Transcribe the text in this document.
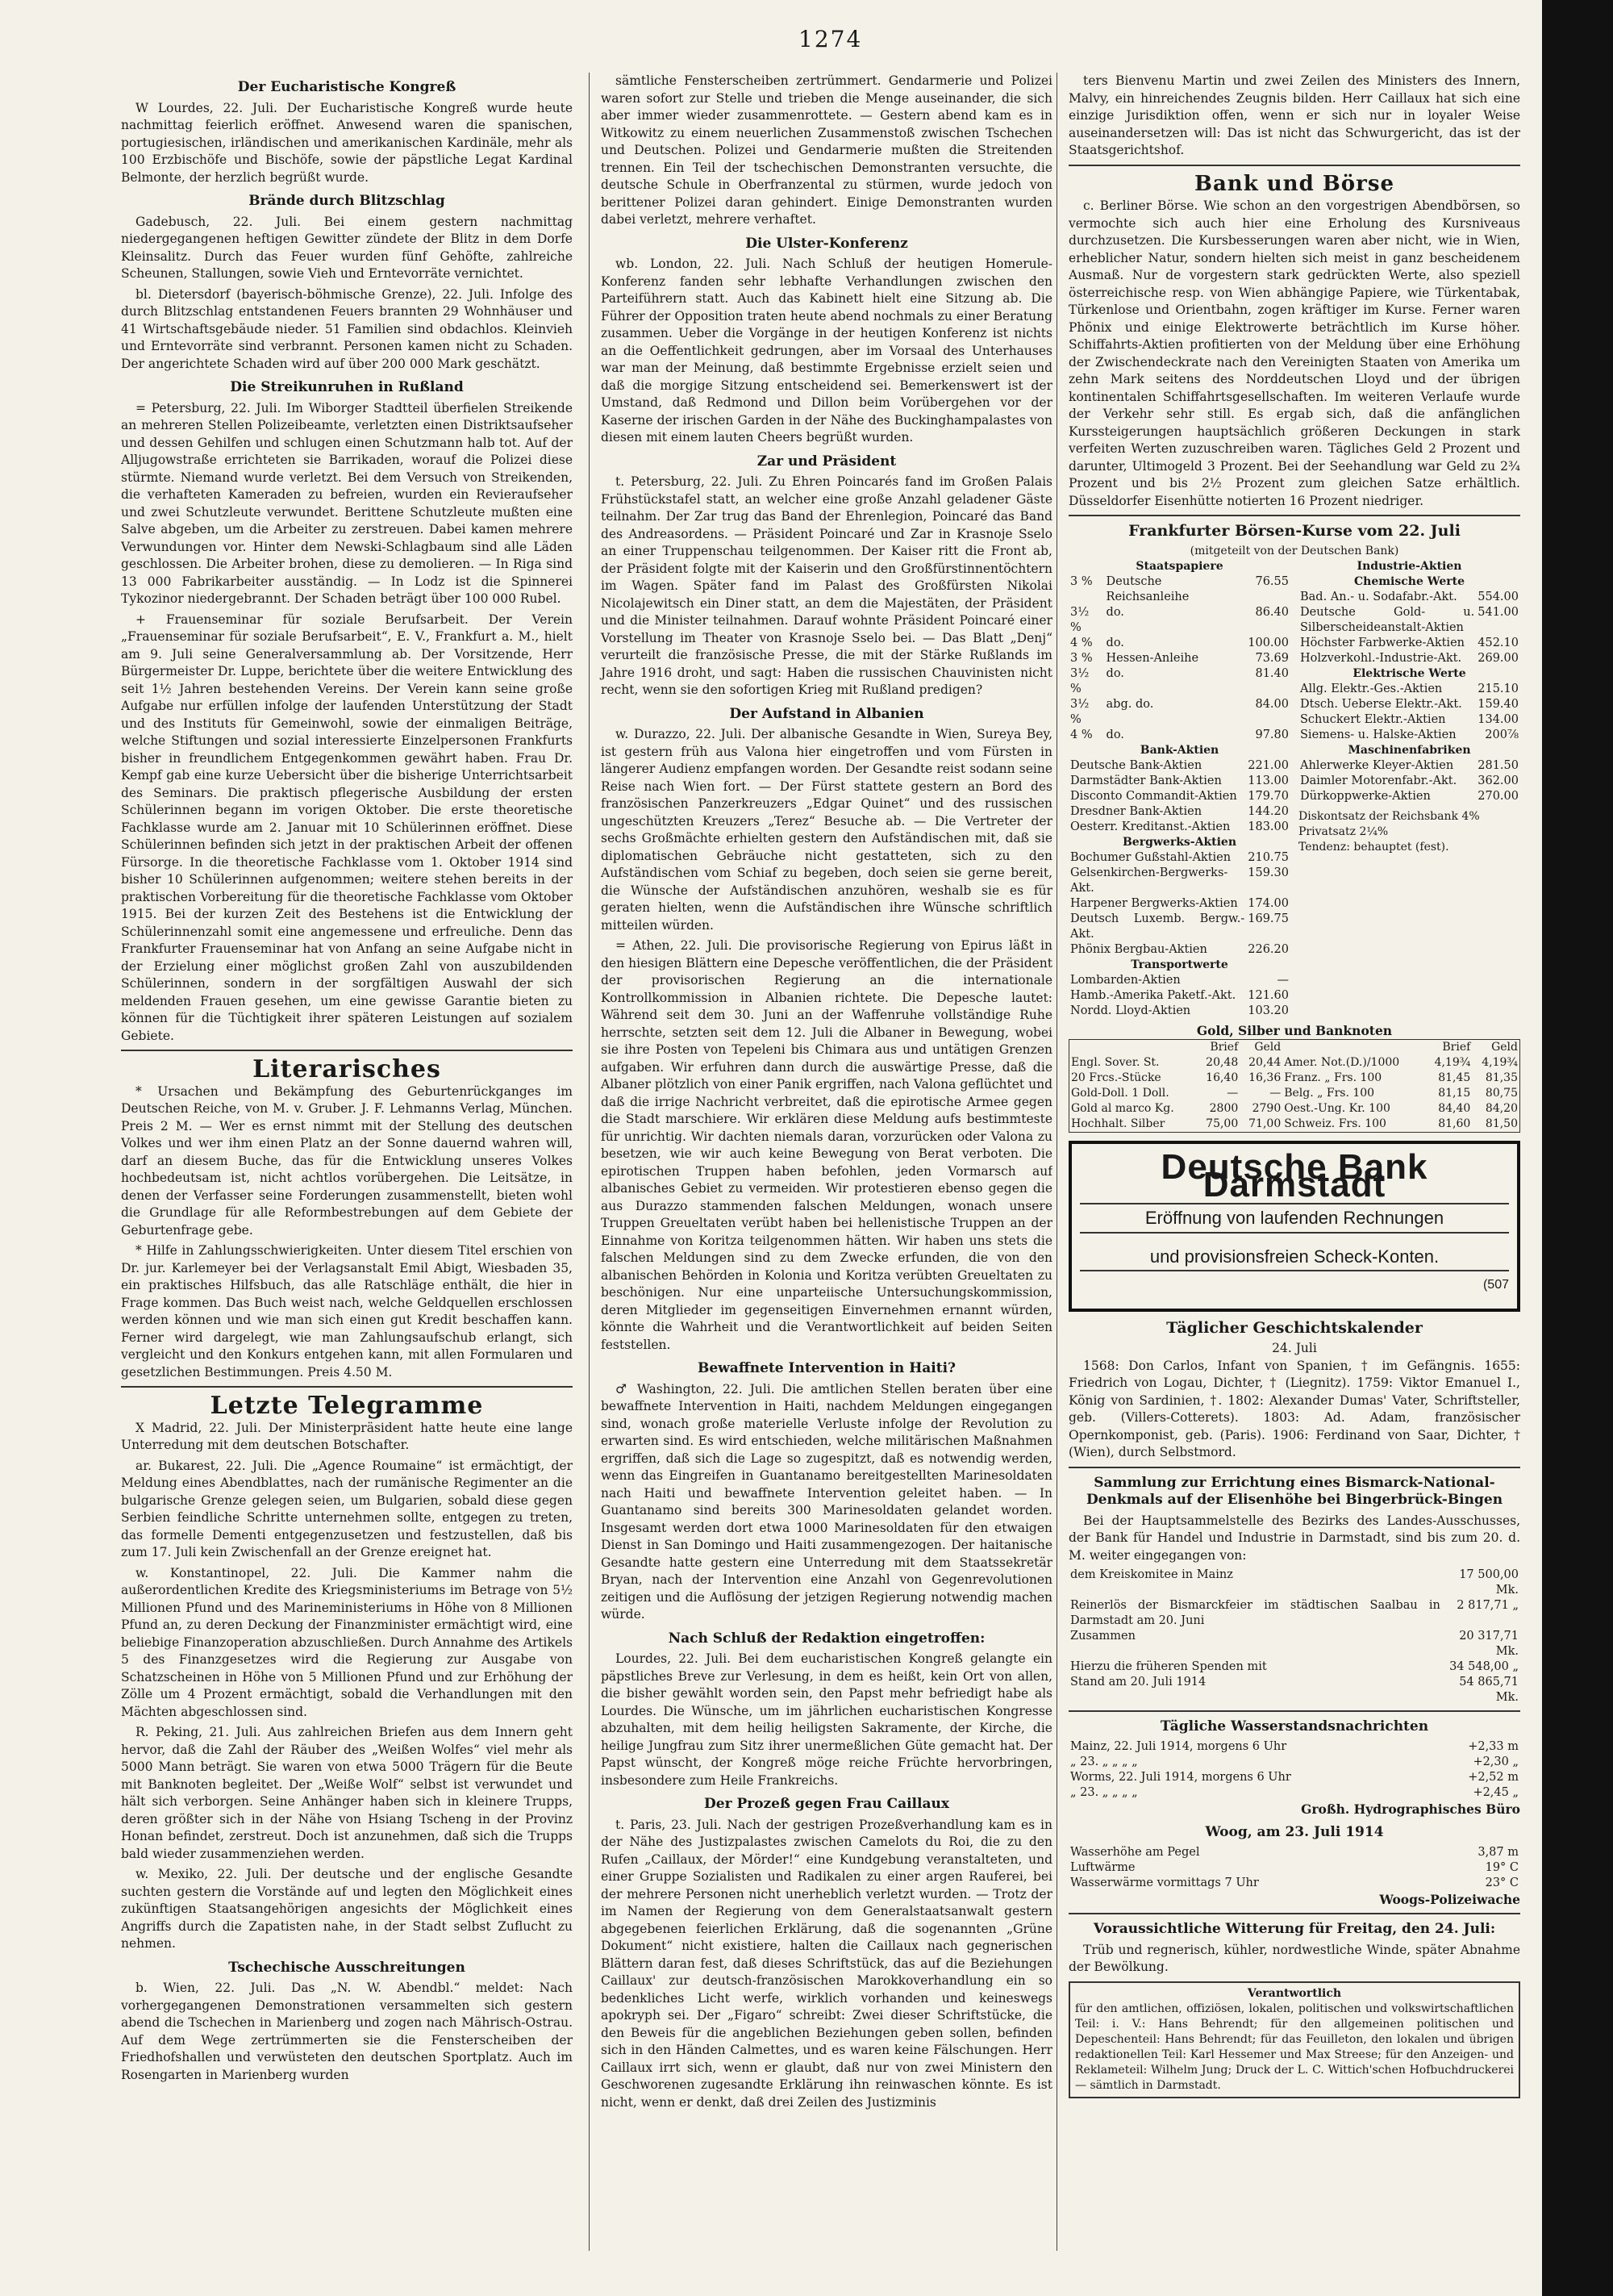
1274
Der Eucharistische Kongreß

W Lourdes, 22. Juli. Der Eucharistische Kongreß wurde heute nachmittag feierlich eröffnet. Anwesend waren die spanischen, portugiesischen, irländischen und amerikanischen Kardinäle, mehr als 100 Erzbischöfe und Bischöfe, sowie der päpstliche Legat Kardinal Belmonte, der herzlich begrüßt wurde.

Brände durch Blitzschlag

Gadebusch, 22. Juli. Bei einem gestern nachmittag niedergegangenen heftigen Gewitter zündete der Blitz in dem Dorfe Kleinsalitz. Durch das Feuer wurden fünf Gehöfte, zahlreiche Scheunen, Stallungen, sowie Vieh und Erntevorräte vernichtet.

bl. Dietersdorf (bayerisch-böhmische Grenze), 22. Juli. Infolge des durch Blitzschlag entstandenen Feuers brannten 29 Wohnhäuser und 41 Wirtschaftsgebäude nieder. 51 Familien sind obdachlos. Kleinvieh und Erntevorräte sind verbrannt. Personen kamen nicht zu Schaden. Der angerichtete Schaden wird auf über 200 000 Mark geschätzt.

Die Streikunruhen in Rußland

= Petersburg, 22. Juli. Im Wiborger Stadtteil überfielen Streikende an mehreren Stellen Polizeibeamte, verletzten einen Distriktsaufseher und dessen Gehilfen und schlugen einen Schutzmann halb tot. Auf der Alljugowstraße errichteten sie Barrikaden, worauf die Polizei diese stürmte. Niemand wurde verletzt. Bei dem Versuch von Streikenden, die verhafteten Kameraden zu befreien, wurden ein Revieraufseher und zwei Schutzleute verwundet. Berittene Schutzleute mußten eine Salve abgeben, um die Arbeiter zu zerstreuen. Dabei kamen mehrere Verwundungen vor. Hinter dem Newski-Schlagbaum sind alle Läden geschlossen. Die Arbeiter brohen, diese zu demolieren. — In Riga sind 13 000 Fabrikarbeiter ausständig. — In Lodz ist die Spinnerei Tykozinor niedergebrannt. Der Schaden beträgt über 100 000 Rubel.

+ Frauenseminar für soziale Berufsarbeit. Der Verein „Frauenseminar für soziale Berufsarbeit“, E. V., Frankfurt a. M., hielt am 9. Juli seine Generalversammlung ab. Der Vorsitzende, Herr Bürgermeister Dr. Luppe, berichtete über die weitere Entwicklung des seit 1½ Jahren bestehenden Vereins. Der Verein kann seine große Aufgabe nur erfüllen infolge der laufenden Unterstützung der Stadt und des Instituts für Gemeinwohl, sowie der einmaligen Beiträge, welche Stiftungen und sozial interessierte Einzelpersonen Frankfurts bisher in freundlichem Entgegenkommen gewährt haben. Frau Dr. Kempf gab eine kurze Uebersicht über die bisherige Unterrichtsarbeit des Seminars. Die praktisch pflegerische Ausbildung der ersten Schülerinnen begann im vorigen Oktober. Die erste theoretische Fachklasse wurde am 2. Januar mit 10 Schülerinnen eröffnet. Diese Schülerinnen befinden sich jetzt in der praktischen Arbeit der offenen Fürsorge. In die theoretische Fachklasse vom 1. Oktober 1914 sind bisher 10 Schülerinnen aufgenommen; weitere stehen bereits in der praktischen Vorbereitung für die theoretische Fachklasse vom Oktober 1915. Bei der kurzen Zeit des Bestehens ist die Entwicklung der Schülerinnenzahl somit eine angemessene und erfreuliche. Denn das Frankfurter Frauenseminar hat von Anfang an seine Aufgabe nicht in der Erzielung einer möglichst großen Zahl von auszubildenden Schülerinnen, sondern in der sorgfältigen Auswahl der sich meldenden Frauen gesehen, um eine gewisse Garantie bieten zu können für die Tüchtigkeit ihrer späteren Leistungen auf sozialem Gebiete.

Literarisches

* Ursachen und Bekämpfung des Geburtenrückganges im Deutschen Reiche, von M. v. Gruber. J. F. Lehmanns Verlag, München. Preis 2 M. — Wer es ernst nimmt mit der Stellung des deutschen Volkes und wer ihm einen Platz an der Sonne dauernd wahren will, darf an diesem Buche, das für die Entwicklung unseres Volkes hochbedeutsam ist, nicht achtlos vorübergehen. Die Leitsätze, in denen der Verfasser seine Forderungen zusammenstellt, bieten wohl die Grundlage für alle Reformbestrebungen auf dem Gebiete der Geburtenfrage gebe.

* Hilfe in Zahlungsschwierigkeiten. Unter diesem Titel erschien von Dr. jur. Karlemeyer bei der Verlagsanstalt Emil Abigt, Wiesbaden 35, ein praktisches Hilfsbuch, das alle Ratschläge enthält, die hier in Frage kommen. Das Buch weist nach, welche Geldquellen erschlossen werden können und wie man sich einen gut Kredit beschaffen kann. Ferner wird dargelegt, wie man Zahlungsaufschub erlangt, sich vergleicht und den Konkurs entgehen kann, mit allen Formularen und gesetzlichen Bestimmungen. Preis 4.50 M.

Letzte Telegramme

X Madrid, 22. Juli. Der Ministerpräsident hatte heute eine lange Unterredung mit dem deutschen Botschafter.

ar. Bukarest, 22. Juli. Die „Agence Roumaine“ ist ermächtigt, der Meldung eines Abendblattes, nach der rumänische Regimenter an die bulgarische Grenze gelegen seien, um Bulgarien, sobald diese gegen Serbien feindliche Schritte unternehmen sollte, entgegen zu treten, das formelle Dementi entgegenzusetzen und festzustellen, daß bis zum 17. Juli kein Zwischenfall an der Grenze ereignet hat.

w. Konstantinopel, 22. Juli. Die Kammer nahm die außerordentlichen Kredite des Kriegsministeriums im Betrage von 5½ Millionen Pfund und des Marineministeriums in Höhe von 8 Millionen Pfund an, zu deren Deckung der Finanzminister ermächtigt wird, eine beliebige Finanzoperation abzuschließen. Durch Annahme des Artikels 5 des Finanzgesetzes wird die Regierung zur Ausgabe von Schatzscheinen in Höhe von 5 Millionen Pfund und zur Erhöhung der Zölle um 4 Prozent ermächtigt, sobald die Verhandlungen mit den Mächten abgeschlossen sind.

R. Peking, 21. Juli. Aus zahlreichen Briefen aus dem Innern geht hervor, daß die Zahl der Räuber des „Weißen Wolfes“ viel mehr als 5000 Mann beträgt. Sie waren von etwa 5000 Trägern für die Beute mit Banknoten begleitet. Der „Weiße Wolf“ selbst ist verwundet und hält sich verborgen. Seine Anhänger haben sich in kleinere Trupps, deren größter sich in der Nähe von Hsiang Tscheng in der Provinz Honan befindet, zerstreut. Doch ist anzunehmen, daß sich die Trupps bald wieder zusammenziehen werden.

w. Mexiko, 22. Juli. Der deutsche und der englische Gesandte suchten gestern die Vorstände auf und legten den Möglichkeit eines zukünftigen Staatsangehörigen angesichts der Möglichkeit eines Angriffs durch die Zapatisten nahe, in der Stadt selbst Zuflucht zu nehmen.

Tschechische Ausschreitungen

b. Wien, 22. Juli. Das „N. W. Abendbl.“ meldet: Nach vorhergegangenen Demonstrationen versammelten sich gestern abend die Tschechen in Marienberg und zogen nach Mährisch-Ostrau. Auf dem Wege zertrümmerten sie die Fensterscheiben der Friedhofshallen und verwüsteten den deutschen Sportplatz. Auch im Rosengarten in Marienberg wurden

sämtliche Fensterscheiben zertrümmert. Gendarmerie und Polizei waren sofort zur Stelle und trieben die Menge auseinander, die sich aber immer wieder zusammenrottete. — Gestern abend kam es in Witkowitz zu einem neuerlichen Zusammenstoß zwischen Tschechen und Deutschen. Polizei und Gendarmerie mußten die Streitenden trennen. Ein Teil der tschechischen Demonstranten versuchte, die deutsche Schule in Oberfranzental zu stürmen, wurde jedoch von berittener Polizei daran gehindert. Einige Demonstranten wurden dabei verletzt, mehrere verhaftet.

Die Ulster-Konferenz

wb. London, 22. Juli. Nach Schluß der heutigen Homerule-Konferenz fanden sehr lebhafte Verhandlungen zwischen den Parteiführern statt. Auch das Kabinett hielt eine Sitzung ab. Die Führer der Opposition traten heute abend nochmals zu einer Beratung zusammen. Ueber die Vorgänge in der heutigen Konferenz ist nichts an die Oeffentlichkeit gedrungen, aber im Vorsaal des Unterhauses war man der Meinung, daß bestimmte Ergebnisse erzielt seien und daß die morgige Sitzung entscheidend sei. Bemerkenswert ist der Umstand, daß Redmond und Dillon beim Vorübergehen vor der Kaserne der irischen Garden in der Nähe des Buckinghampalastes von diesen mit einem lauten Cheers begrüßt wurden.

Zar und Präsident

t. Petersburg, 22. Juli. Zu Ehren Poincarés fand im Großen Palais Frühstückstafel statt, an welcher eine große Anzahl geladener Gäste teilnahm. Der Zar trug das Band der Ehrenlegion, Poincaré das Band des Andreasordens. — Präsident Poincaré und Zar in Krasnoje Sselo an einer Truppenschau teilgenommen. Der Kaiser ritt die Front ab, der Präsident folgte mit der Kaiserin und den Großfürstinnentöchtern im Wagen. Später fand im Palast des Großfürsten Nikolai Nicolajewitsch ein Diner statt, an dem die Majestäten, der Präsident und die Minister teilnahmen. Darauf wohnte Präsident Poincaré einer Vorstellung im Theater von Krasnoje Sselo bei. — Das Blatt „Denj“ verurteilt die französische Presse, die mit der Stärke Rußlands im Jahre 1916 droht, und sagt: Haben die russischen Chauvinisten nicht recht, wenn sie den sofortigen Krieg mit Rußland predigen?

Der Aufstand in Albanien

w. Durazzo, 22. Juli. Der albanische Gesandte in Wien, Sureya Bey, ist gestern früh aus Valona hier eingetroffen und vom Fürsten in längerer Audienz empfangen worden. Der Gesandte reist sodann seine Reise nach Wien fort. — Der Fürst stattete gestern an Bord des französischen Panzerkreuzers „Edgar Quinet“ und des russischen ungeschützten Kreuzers „Terez“ Besuche ab. — Die Vertreter der sechs Großmächte erhielten gestern den Aufständischen mit, daß sie diplomatischen Gebräuche nicht gestatteten, sich zu den Aufständischen vom Schiaf zu begeben, doch seien sie gerne bereit, die Wünsche der Aufständischen anzuhören, weshalb sie es für geraten hielten, wenn die Aufständischen ihre Wünsche schriftlich mitteilen würden.

= Athen, 22. Juli. Die provisorische Regierung von Epirus läßt in den hiesigen Blättern eine Depesche veröffentlichen, die der Präsident der provisorischen Regierung an die internationale Kontrollkommission in Albanien richtete. Die Depesche lautet: Während seit dem 30. Juni an der Waffenruhe vollständige Ruhe herrschte, setzten seit dem 12. Juli die Albaner in Bewegung, wobei sie ihre Posten von Tepeleni bis Chimara aus und untätigen Grenzen aufgaben. Wir erfuhren dann durch die auswärtige Presse, daß die Albaner plötzlich von einer Panik ergriffen, nach Valona geflüchtet und daß die irrige Nachricht verbreitet, daß die epirotische Armee gegen die Stadt marschiere. Wir erklären diese Meldung aufs bestimmteste für unrichtig. Wir dachten niemals daran, vorzurücken oder Valona zu besetzen, wie wir auch keine Bewegung von Berat verboten. Die epirotischen Truppen haben befohlen, jeden Vormarsch auf albanisches Gebiet zu vermeiden. Wir protestieren ebenso gegen die aus Durazzo stammenden falschen Meldungen, wonach unsere Truppen Greueltaten verübt haben bei hellenistische Truppen an der Einnahme von Koritza teilgenommen hätten. Wir haben uns stets die falschen Meldungen sind zu dem Zwecke erfunden, die von den albanischen Behörden in Kolonia und Koritza verübten Greueltaten zu beschönigen. Nur eine unparteiische Untersuchungskommission, deren Mitglieder im gegenseitigen Einvernehmen ernannt würden, könnte die Wahrheit und die Verantwortlichkeit auf beiden Seiten feststellen.

Bewaffnete Intervention in Haiti?

♂ Washington, 22. Juli. Die amtlichen Stellen beraten über eine bewaffnete Intervention in Haiti, nachdem Meldungen eingegangen sind, wonach große materielle Verluste infolge der Revolution zu erwarten sind. Es wird entschieden, welche militärischen Maßnahmen ergriffen, daß sich die Lage so zugespitzt, daß es notwendig werden, wenn das Eingreifen in Guantanamo bereitgestellten Marinesoldaten nach Haiti und bewaffnete Intervention geleitet haben. — In Guantanamo sind bereits 300 Marinesoldaten gelandet worden. Insgesamt werden dort etwa 1000 Marinesoldaten für den etwaigen Dienst in San Domingo und Haiti zusammengezogen. Der haitanische Gesandte hatte gestern eine Unterredung mit dem Staatssekretär Bryan, nach der Intervention eine Anzahl von Gegenrevolutionen zeitigen und die Auflösung der jetzigen Regierung notwendig machen würde.

Nach Schluß der Redaktion eingetroffen:

Lourdes, 22. Juli. Bei dem eucharistischen Kongreß gelangte ein päpstliches Breve zur Verlesung, in dem es heißt, kein Ort von allen, die bisher gewählt worden sein, den Papst mehr befriedigt habe als Lourdes. Die Wünsche, um im jährlichen eucharistischen Kongresse abzuhalten, mit dem heilig heiligsten Sakramente, der Kirche, die heilige Jungfrau zum Sitz ihrer unermeßlichen Güte gemacht hat. Der Papst wünscht, der Kongreß möge reiche Früchte hervorbringen, insbesondere zum Heile Frankreichs.

Der Prozeß gegen Frau Caillaux

t. Paris, 23. Juli. Nach der gestrigen Prozeßverhandlung kam es in der Nähe des Justizpalastes zwischen Camelots du Roi, die zu den Rufen „Caillaux, der Mörder!“ eine Kundgebung veranstalteten, und einer Gruppe Sozialisten und Radikalen zu einer argen Rauferei, bei der mehrere Personen nicht unerheblich verletzt wurden. — Trotz der im Namen der Regierung von dem Generalstaatsanwalt gestern abgegebenen feierlichen Erklärung, daß die sogenannten „Grüne Dokument“ nicht existiere, halten die Caillaux nach gegnerischen Blättern daran fest, daß dieses Schriftstück, das auf die Beziehungen Caillaux' zur deutsch-französischen Marokkoverhandlung ein so bedenkliches Licht werfe, wirklich vorhanden und keineswegs apokryph sei. Der „Figaro“ schreibt: Zwei dieser Schriftstücke, die den Beweis für die angeblichen Beziehungen geben sollen, befinden sich in den Händen Calmettes, und es waren keine Fälschungen. Herr Caillaux irrt sich, wenn er glaubt, daß nur von zwei Ministern den Geschworenen zugesandte Erklärung ihn reinwaschen könnte. Es ist nicht, wenn er denkt, daß drei Zeilen des Justizminis

ters Bienvenu Martin und zwei Zeilen des Ministers des Innern, Malvy, ein hinreichendes Zeugnis bilden. Herr Caillaux hat sich eine einzige Jurisdiktion offen, wenn er sich nur in loyaler Weise auseinandersetzen will: Das ist nicht das Schwurgericht, das ist der Staatsgerichtshof.

Bank und Börse

c. Berliner Börse. Wie schon an den vorgestrigen Abendbörsen, so vermochte sich auch hier eine Erholung des Kursniveaus durchzusetzen. Die Kursbesserungen waren aber nicht, wie in Wien, erheblicher Natur, sondern hielten sich meist in ganz bescheidenem Ausmaß. Nur de vorgestern stark gedrückten Werte, also speziell österreichische resp. von Wien abhängige Papiere, wie Türkentabak, Türkenlose und Orientbahn, zogen kräftiger im Kurse. Ferner waren Phönix und einige Elektrowerte beträchtlich im Kurse höher. Schiffahrts-Aktien profitierten von der Meldung über eine Erhöhung der Zwischendeckrate nach den Vereinigten Staaten von Amerika um zehn Mark seitens des Norddeutschen Lloyd und der übrigen kontinentalen Schiffahrtsgesellschaften. Im weiteren Verlaufe wurde der Verkehr sehr still. Es ergab sich, daß die anfänglichen Kurssteigerungen hauptsächlich größeren Deckungen in stark verfeiten Werten zuzuschreiben waren. Tägliches Geld 2 Prozent und darunter, Ultimogeld 3 Prozent. Bei der Seehandlung war Geld zu 2¾ Prozent und bis 2½ Prozent zum gleichen Satze erhältlich. Düsseldorfer Eisenhütte notierten 16 Prozent niedriger.

Frankfurter Börsen-Kurse vom 22. Juli
(mitgeteilt von der Deutschen Bank)
Staatspapiere
3 %	Deutsche Reichsanleihe	76.55
3½ %	do.	86.40
4 %	do.	100.00
3 %	Hessen-Anleihe	73.69
3½ %	do.	81.40
3½ %	abg. do.	84.00
4 %	do.	97.80
Bank-Aktien
Deutsche Bank-Aktien	221.00
Darmstädter Bank-Aktien	113.00
Disconto Commandit-Aktien	179.70
Dresdner Bank-Aktien	144.20
Oesterr. Kreditanst.-Aktien	183.00
Bergwerks-Aktien
Bochumer Gußstahl-Aktien	210.75
Gelsenkirchen-Bergwerks-Akt.	159.30
Harpener Bergwerks-Aktien	174.00
Deutsch Luxemb. Bergw.-Akt.	169.75
Phönix Bergbau-Aktien	226.20
Transportwerte
Lombarden-Aktien	—
Hamb.-Amerika Paketf.-Akt.	121.60
Nordd. Lloyd-Aktien	103.20
Industrie-Aktien
Chemische Werte
Bad. An.- u. Sodafabr.-Akt.	554.00
Deutsche Gold- u. Silberscheideanstalt-Aktien	541.00
Höchster Farbwerke-Aktien	452.10
Holzverkohl.-Industrie-Akt.	269.00
Elektrische Werte
Allg. Elektr.-Ges.-Aktien	215.10
Dtsch. Ueberse Elektr.-Akt.	159.40
Schuckert Elektr.-Aktien	134.00
Siemens- u. Halske-Aktien	200⅞
Maschinenfabriken
Ahlerwerke Kleyer-Aktien	281.50
Daimler Motorenfabr.-Akt.	362.00
Dürkoppwerke-Aktien	270.00
Diskontsatz der Reichsbank 4%
Privatsatz 2¼%
Tendenz: behauptet (fest).
Gold, Silber und Banknoten
	Brief	Geld		Brief	Geld
Engl. Sover. St.	20,48	20,44	Amer. Not.(D.)/1000	4,19¾	4,19¾
20 Frcs.-Stücke	16,40	16,36	Franz. „ Frs. 100	81,45	81,35
Gold-Doll. 1 Doll.	—	—	Belg. „ Frs. 100	81,15	80,75
Gold al marco Kg.	2800	2790	Oest.-Ung. Kr. 100	84,40	84,20
Hochhalt. Silber	75,00	71,00	Schweiz. Frs. 100	81,60	81,50
Deutsche Bank Darmstadt
Eröffnung von laufenden Rechnungen
und provisionsfreien Scheck-Konten.
(507
Täglicher Geschichtskalender
24. Juli

1568: Don Carlos, Infant von Spanien, † im Gefängnis. 1655: Friedrich von Logau, Dichter, † (Liegnitz). 1759: Viktor Emanuel I., König von Sardinien, †. 1802: Alexander Dumas' Vater, Schriftsteller, geb. (Villers-Cotterets). 1803: Ad. Adam, französischer Opernkomponist, geb. (Paris). 1906: Ferdinand von Saar, Dichter, † (Wien), durch Selbstmord.

Sammlung zur Errichtung eines Bismarck-National-Denkmals auf der Elisenhöhe bei Bingerbrück-Bingen

Bei der Hauptsammelstelle des Bezirks des Landes-Ausschusses, der Bank für Handel und Industrie in Darmstadt, sind bis zum 20. d. M. weiter eingegangen von:

dem Kreiskomitee in Mainz	17 500,00 Mk.
Reinerlös der Bismarckfeier im städtischen Saalbau in Darmstadt am 20. Juni	2 817,71 „
Zusammen	20 317,71 Mk.
Hierzu die früheren Spenden mit	34 548,00 „
Stand am 20. Juli 1914	54 865,71 Mk.
Tägliche Wasserstandsnachrichten
Mainz, 22. Juli 1914, morgens 6 Uhr	+2,33 m
„ 23. „ „ „ „	+2,30 „
Worms, 22. Juli 1914, morgens 6 Uhr	+2,52 m
„ 23. „ „ „ „	+2,45 „
Großh. Hydrographisches Büro
Woog, am 23. Juli 1914
Wasserhöhe am Pegel	3,87 m
Luftwärme	19° C
Wasserwärme vormittags 7 Uhr	23° C
Woogs-Polizeiwache
Voraussichtliche Witterung für Freitag, den 24. Juli:

Trüb und regnerisch, kühler, nordwestliche Winde, später Abnahme der Bewölkung.

Verantwortlich
für den amtlichen, offiziösen, lokalen, politischen und volkswirtschaftlichen Teil: i. V.: Hans Behrendt; für den allgemeinen politischen und Depeschenteil: Hans Behrendt; für das Feuilleton, den lokalen und übrigen redaktionellen Teil: Karl Hessemer und Max Streese; für den Anzeigen- und Reklameteil: Wilhelm Jung; Druck der L. C. Wittich'schen Hofbuchdruckerei — sämtlich in Darmstadt.
